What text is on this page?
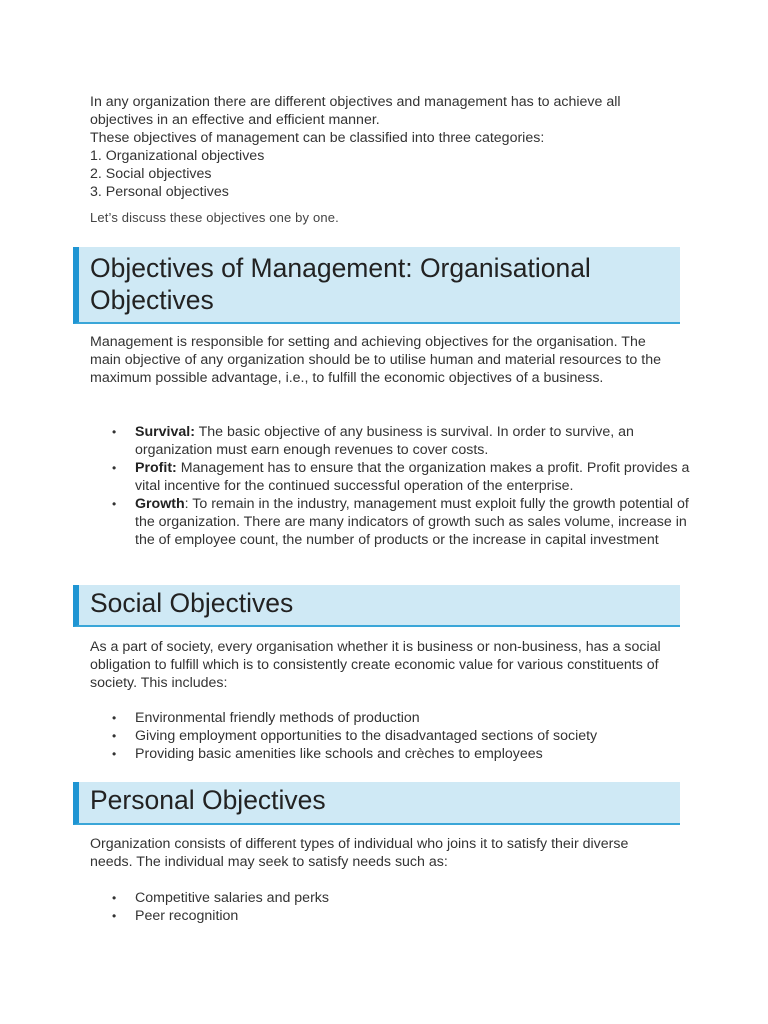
In any organization there are different objectives and management has to achieve all
objectives in an effective and efficient manner.
These objectives of management can be classified into three categories:
1. Organizational objectives
2. Social objectives
3. Personal objectives

Let’s discuss these objectives one by one.

Objectives of Management: Organisational Objectives

Management is responsible for setting and achieving objectives for the organisation. The main objective of any organization should be to utilise human and material resources to the maximum possible advantage, i.e., to fulfill the economic objectives of a business.

• Survival: The basic objective of any business is survival. In order to survive, an organization must earn enough revenues to cover costs.
• Profit: Management has to ensure that the organization makes a profit. Profit provides a vital incentive for the continued successful operation of the enterprise.
• Growth: To remain in the industry, management must exploit fully the growth potential of the organization. There are many indicators of growth such as sales volume, increase in the of employee count, the number of products or the increase in capital investment
Social Objectives

As a part of society, every organisation whether it is business or non-business, has a social obligation to fulfill which is to consistently create economic value for various constituents of society. This includes:

• Environmental friendly methods of production
• Giving employment opportunities to the disadvantaged sections of society
• Providing basic amenities like schools and crèches to employees
Personal Objectives

Organization consists of different types of individual who joins it to satisfy their diverse needs. The individual may seek to satisfy needs such as:

• Competitive salaries and perks
• Peer recognition
